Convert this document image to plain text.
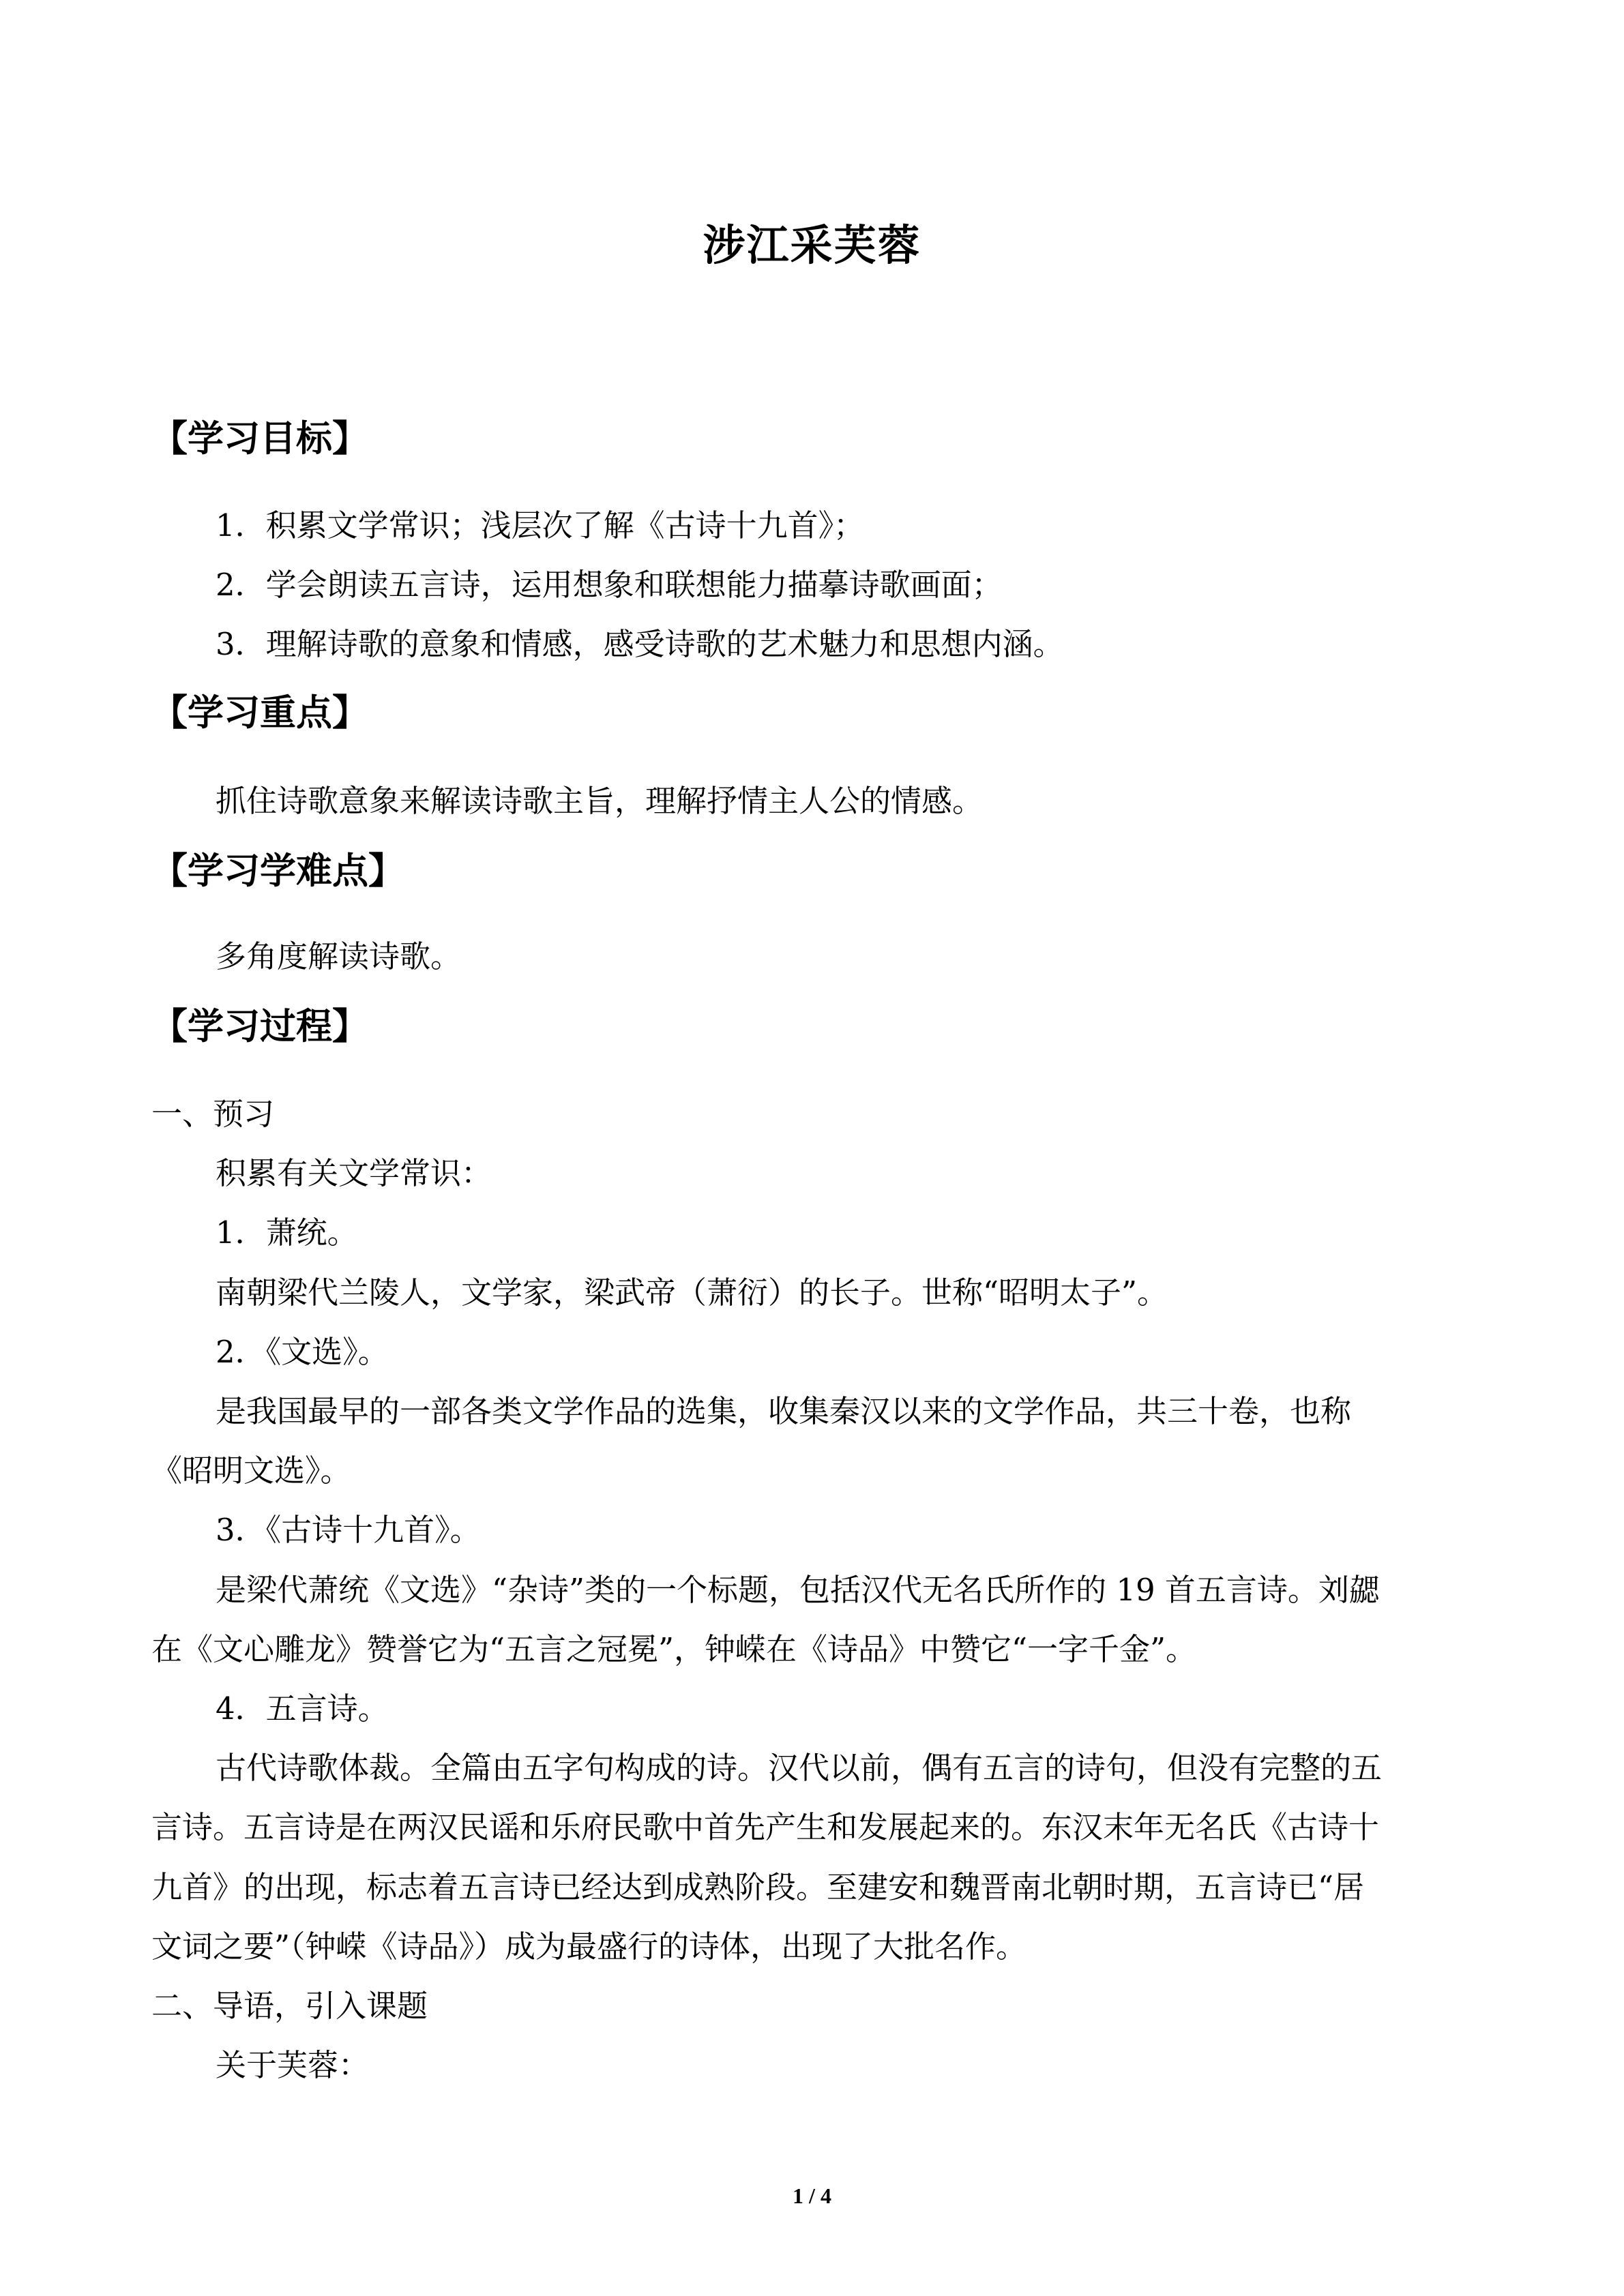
涉江采芙蓉
【学习目标】
1．积累文学常识；浅层次了解《古诗十九首》；
2．学会朗读五言诗，运用想象和联想能力描摹诗歌画面；
3．理解诗歌的意象和情感，感受诗歌的艺术魅力和思想内涵。
【学习重点】
抓住诗歌意象来解读诗歌主旨，理解抒情主人公的情感。
【学习学难点】
多角度解读诗歌。
【学习过程】
一、预习
积累有关文学常识：
1．萧统。
南朝梁代兰陵人，文学家，梁武帝（萧衍）的长子。世称“昭明太子”。
2．《文选》。
是我国最早的一部各类文学作品的选集，收集秦汉以来的文学作品，共三十卷，也称
《昭明文选》。
3．《古诗十九首》。
是梁代萧统《文选》“杂诗”类的一个标题，包括汉代无名氏所作的 19 首五言诗。刘勰
在《文心雕龙》赞誉它为“五言之冠冕”，钟嵘在《诗品》中赞它“一字千金”。
4．五言诗。
古代诗歌体裁。全篇由五字句构成的诗。汉代以前，偶有五言的诗句，但没有完整的五
言诗。五言诗是在两汉民谣和乐府民歌中首先产生和发展起来的。东汉末年无名氏《古诗十
九首》的出现，标志着五言诗已经达到成熟阶段。至建安和魏晋南北朝时期，五言诗已“居
文词之要”（钟嵘《诗品》）成为最盛行的诗体，出现了大批名作。
二、导语，引入课题
关于芙蓉：
1 / 4
